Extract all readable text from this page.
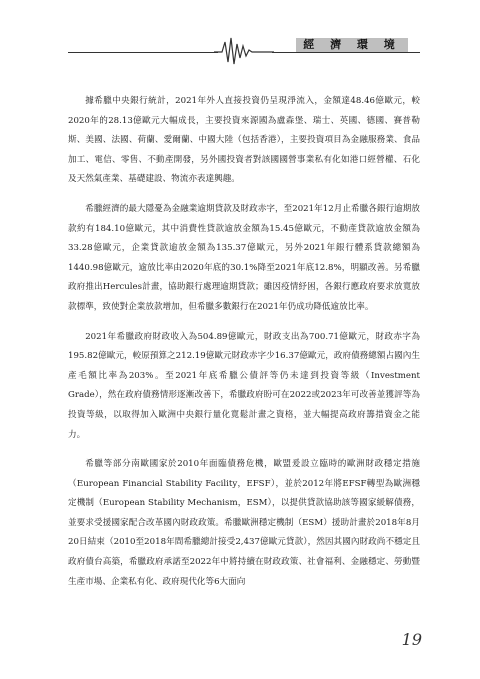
經 濟 環 境

據希臘中央銀行統計，2021年外人直接投資仍呈現淨流入，金額達48.46億歐元，較2020年的28.13億歐元大幅成長，主要投資來源國為盧森堡、瑞士、英國、德國、賽普勒斯、美國、法國、荷蘭、愛爾蘭、中國大陸（包括香港），主要投資項目為金融服務業、食品加工、電信、零售、不動產開發，另外國投資者對該國國營事業私有化如港口經營權、石化及天然氣產業、基礎建設、物流亦表達興趣。

希臘經濟的最大隱憂為金融業逾期貸款及財政赤字，至2021年12月止希臘各銀行逾期放款約有184.10億歐元，其中消費性貸款逾放金額為15.45億歐元，不動產貸款逾放金額為33.28億歐元，企業貸款逾放金額為135.37億歐元，另外2021年銀行體系貸款總額為1440.98億歐元，逾放比率由2020年底的30.1%降至2021年底12.8%，明顯改善。另希臘政府推出Hercules計畫，協助銀行處理逾期貸款；雖因疫情紓困，各銀行應政府要求放寬放款標準，致使對企業放款增加，但希臘多數銀行在2021年仍成功降低逾放比率。

2021年希臘政府財政收入為504.89億歐元，財政支出為700.71億歐元，財政赤字為195.82億歐元，較原預算之212.19億歐元財政赤字少16.37億歐元，政府債務總額占國內生產毛額比率為203%。至2021年底希臘公債評等仍未達到投資等級（Investment Grade），然在政府債務情形逐漸改善下，希臘政府盼可在2022或2023年可改善並獲評等為投資等級，以取得加入歐洲中央銀行量化寬鬆計畫之資格，並大幅提高政府籌措資金之能力。

希臘等部分南歐國家於2010年面臨債務危機，歐盟爰設立臨時的歐洲財政穩定措施（European Financial Stability Facility，EFSF），並於2012年將EFSF轉型為歐洲穩定機制（European Stability Mechanism，ESM），以提供貸款協助該等國家緩解債務，並要求受援國家配合改革國內財政政策。希臘歐洲穩定機制（ESM）援助計畫於2018年8月20日結束（2010至2018年間希臘總計接受2,437億歐元貸款），然因其國內財政尚不穩定且政府債台高築，希臘政府承諾至2022年中將持續在財政政策、社會福利、金融穩定、勞動暨生產市場、企業私有化、政府現代化等6大面向

19
